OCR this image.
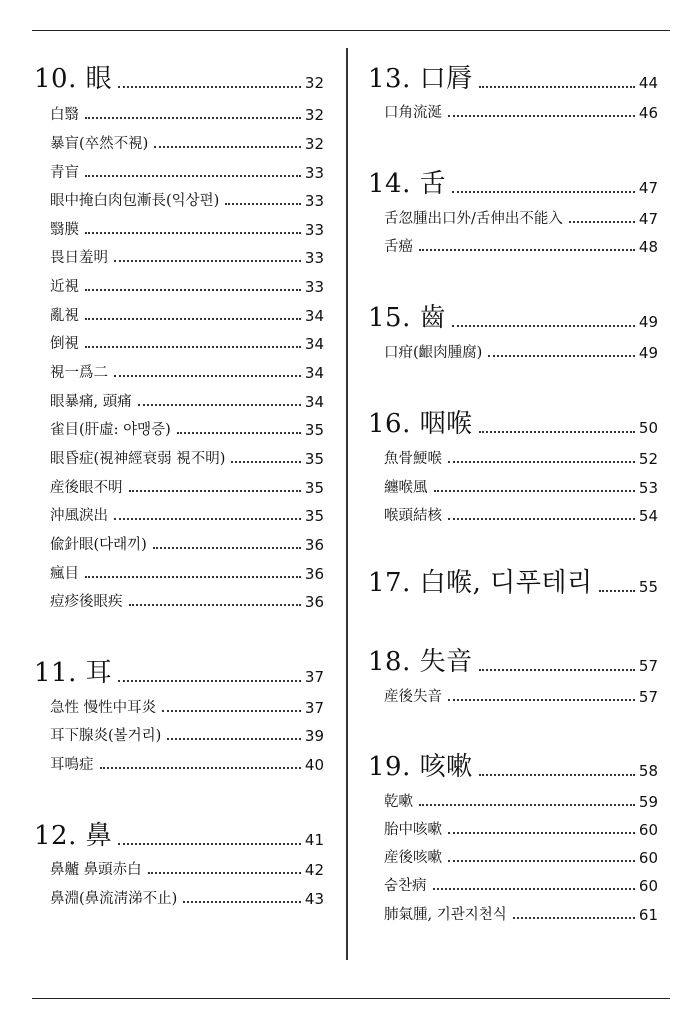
10. 眼	32
白翳	32
暴盲(卒然不視)	32
青盲	33
眼中掩白肉包漸長(익상편)	33
翳膜	33
畏日羞明	33
近視	33
亂視	34
倒視	34
視一爲二	34
眼暴痛, 頭痛	34
雀目(肝虛: 야맹증)	35
眼昏症(視神經衰弱 視不明)	35
産後眼不明	35
沖風淚出	35
偸針眼(다래끼)	36
瘋目	36
痘疹後眼疾	36
11. 耳	37
急性 慢性中耳炎	37
耳下腺炎(볼거리)	39
耳鳴症	40
12. 鼻	41
鼻齇 鼻頭赤白	42
鼻淵(鼻流淸涕不止)	43
13. 口脣	44
口角流涎	46
14. 舌	47
舌忽腫出口外/舌伸出不能入	47
舌癌	48
15. 齒	49
口疳(齦肉腫腐)	49
16. 咽喉	50
魚骨鯁喉	52
纏喉風	53
喉頭結核	54
17. 白喉, 디푸테리	55
18. 失音	57
産後失音	57
19. 咳嗽	58
乾嗽	59
胎中咳嗽	60
産後咳嗽	60
숨찬病	60
肺氣腫, 기관지천식	61
